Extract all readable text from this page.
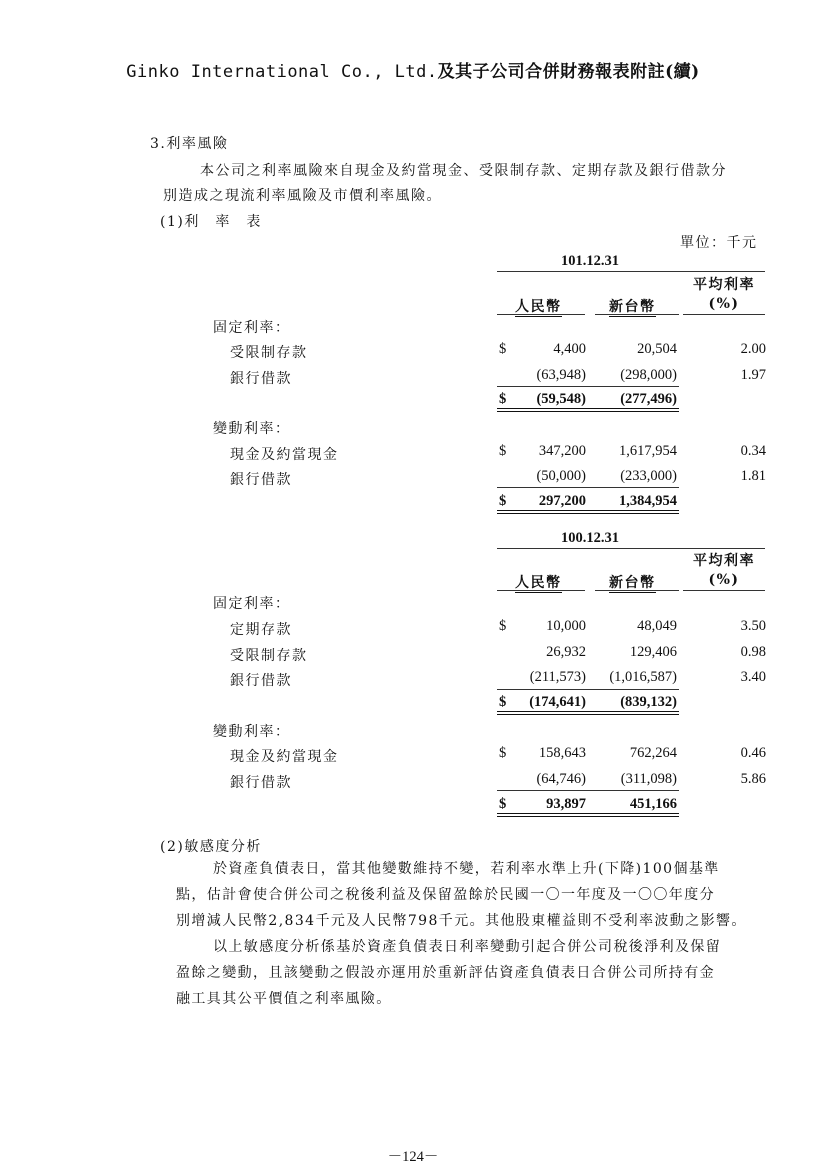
Ginko International Co., Ltd.及其子公司合併財務報表附註(續)
3.利率風險
本公司之利率風險來自現金及約當現金、受限制存款、定期存款及銀行借款分
別造成之現流利率風險及市價利率風險。
(1)利　率　表
單位：千元
101.12.31
平均利率
人民幣	新台幣	(%)
固定利率：
受限制存款	$	4,400	20,504	2.00
銀行借款	(63,948)	(298,000)	1.97
$	(59,548)	(277,496)
變動利率：
現金及約當現金	$	347,200	1,617,954	0.34
銀行借款	(50,000)	(233,000)	1.81
$	297,200	1,384,954
100.12.31
平均利率
人民幣	新台幣	(%)
固定利率：
定期存款	$	10,000	48,049	3.50
受限制存款	26,932	129,406	0.98
銀行借款	(211,573)	(1,016,587)	3.40
$	(174,641)	(839,132)
變動利率：
現金及約當現金	$	158,643	762,264	0.46
銀行借款	(64,746)	(311,098)	5.86
$	93,897	451,166
(2)敏感度分析
於資產負債表日，當其他變數維持不變，若利率水準上升(下降)100個基準
點，估計會使合併公司之稅後利益及保留盈餘於民國一〇一年度及一〇〇年度分
別增減人民幣2,834千元及人民幣798千元。其他股東權益則不受利率波動之影響。
以上敏感度分析係基於資產負債表日利率變動引起合併公司稅後淨利及保留
盈餘之變動，且該變動之假設亦運用於重新評估資產負債表日合併公司所持有金
融工具其公平價值之利率風險。
－124－
